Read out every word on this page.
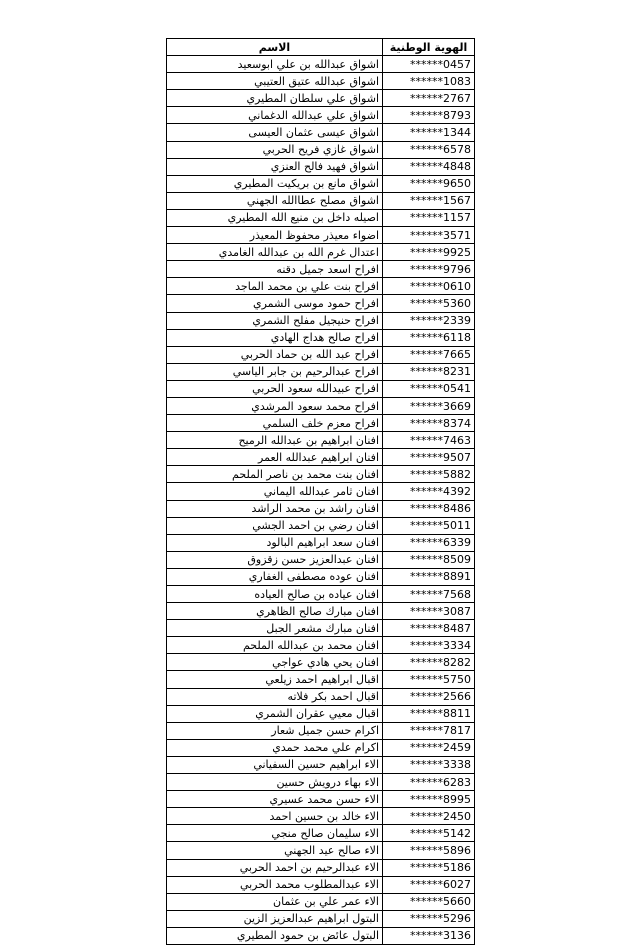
الهوية الوطنية	الاسم
******0457	اشواق عبدالله بن علي ابوسعيد
******1083	اشواق عبدالله عتيق العتيبي
******2767	اشواق علي سلطان المطيري
******8793	اشواق علي عبدالله الدغماني
******1344	اشواق عيسى عثمان العيسى
******6578	اشواق غازي فريح الحربي
******4848	اشواق فهيد فالح العنزي
******9650	اشواق مانع بن بريكيت المطيري
******1567	اشواق مصلح عطاالله الجهني
******1157	اصيله داخل بن منيع الله المطيري
******3571	اضواء معيذر محفوظ المعيذر
******9925	اعتدال غرم الله بن عبدالله الغامدي
******9796	افراح اسعد جميل دقنه
******0610	افراح بنت علي بن محمد الماجد
******5360	افراح حمود موسى الشمري
******2339	افراح حنيجيل مفلح الشمري
******6118	افراح صالح هداج الهادي
******7665	افراح عبد الله بن حماد الحربي
******8231	افراح عبدالرحيم بن جابر الياسي
******0541	افراح عبيدالله سعود الحربي
******3669	افراح محمد سعود المرشدي
******8374	افراح معزم خلف السلمي
******7463	افنان ابراهيم بن عبدالله الرميح
******9507	افنان ابراهيم عبدالله العمر
******5882	افنان بنت محمد بن ناصر الملحم
******4392	افنان ثامر عبدالله اليماني
******8486	افنان راشد بن محمد الراشد
******5011	افنان رضي بن احمد الجشي
******6339	افنان سعد ابراهيم البالود
******8509	افنان عبدالعزيز حسن زقزوق
******8891	افنان عوده مصطفى الغفاري
******7568	افنان عياده بن صالح العياده
******3087	افنان مبارك صالح الظاهري
******8487	افنان مبارك مشعر الجبل
******3334	افنان محمد بن عبدالله الملحم
******8282	افنان يحي هادي عواجي
******5750	اقبال ابراهيم احمد زيلعي
******2566	اقبال احمد بكر فلاته
******8811	اقبال معيي عقران الشمري
******7817	اكرام حسن جميل شعار
******2459	اكرام علي محمد حمدي
******3338	الاء ابراهيم حسين السفياني
******6283	الاء بهاء درويش حسين
******8995	الاء حسن محمد عسيري
******2450	الاء خالد بن حسين احمد
******5142	الاء سليمان صالح منجي
******5896	الاء صالح عيد الجهني
******5186	الاء عبدالرحيم بن احمد الحربي
******6027	الاء عبدالمطلوب محمد الحربي
******5660	الاء عمر علي بن عثمان
******5296	البتول ابراهيم عبدالعزيز الزين
******3136	البتول عائض بن حمود المطيري
